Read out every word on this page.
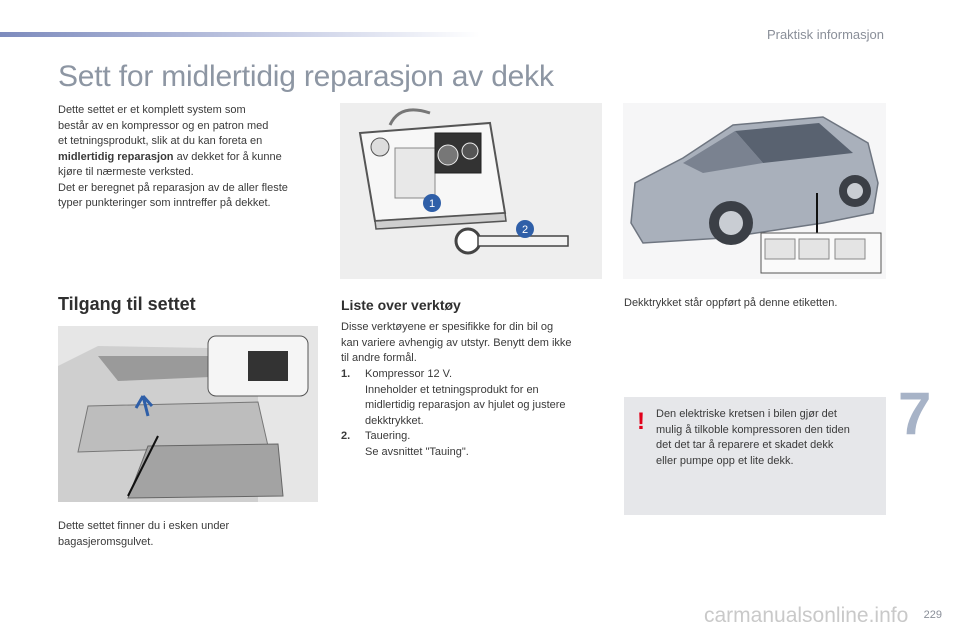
Praktisk informasjon
Sett for midlertidig reparasjon av dekk
Dette settet er et komplett system som
består av en kompressor og en patron med
et tetningsprodukt, slik at du kan foreta en
midlertidig reparasjon av dekket for å kunne
kjøre til nærmeste verksted.
Det er beregnet på reparasjon av de aller fleste
typer punkteringer som inntreffer på dekket.	1
2
Tilgang til settet	Liste over verktøy
Disse verktøyene er spesifikke for din bil og
kan variere avhengig av utstyr. Benytt dem ikke
til andre formål.
1.	Kompressor 12 V.
Inneholder et tetningsprodukt for en
midlertidig reparasjon av hjulet og justere
dekktrykket.
2.	Tauering.
Se avsnittet "Tauing".
Dekktrykket står oppført på denne etiketten.
! Den elektriske kretsen i bilen gjør det
mulig å tilkoble kompressoren den tiden
det det tar å reparere et skadet dekk
eller pumpe opp et lite dekk.
Dette settet finner du i esken under
bagasjeromsgulvet.
7
carmanualsonline.info 229
